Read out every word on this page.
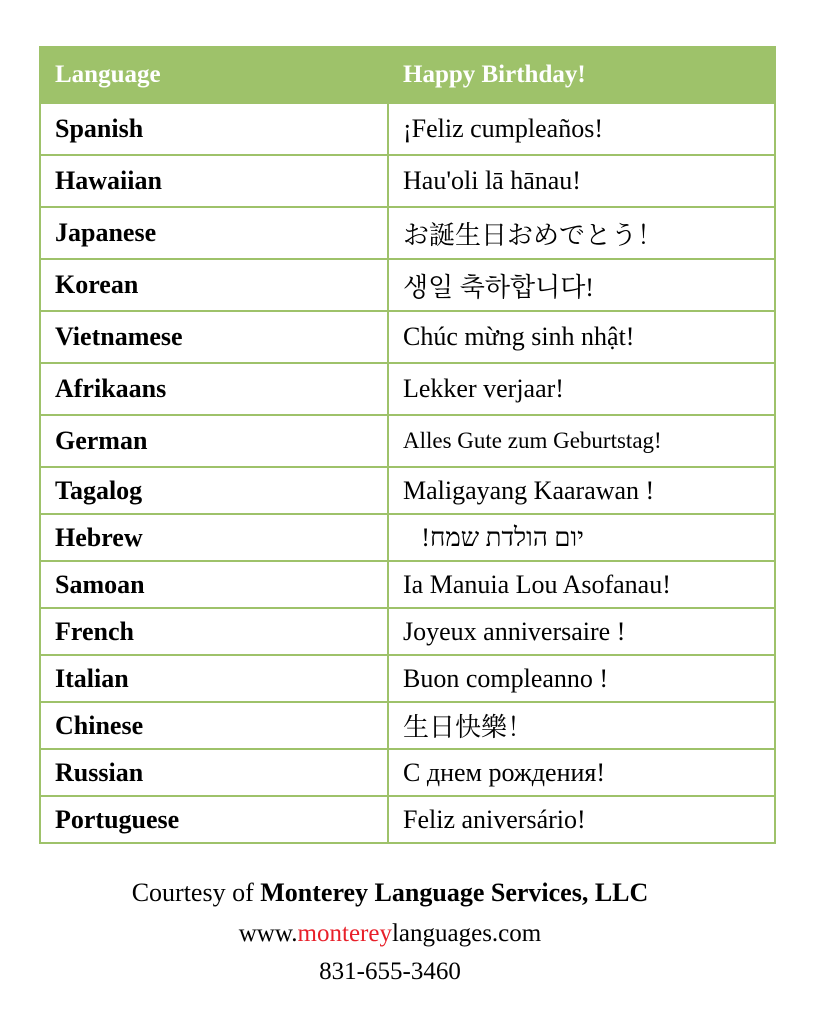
Language	Happy Birthday!
Spanish	¡Feliz cumpleaños!
Hawaiian	Hau'oli lā hānau!
Japanese	お誕生日おめでとう！
Korean	생일 축하합니다!
Vietnamese	Chúc mừng sinh nhật!
Afrikaans	Lekker verjaar!
German	Alles Gute zum Geburtstag!
Tagalog	Maligayang Kaarawan !
Hebrew	יום הולדת שמח!
Samoan	Ia Manuia Lou Asofanau!
French	Joyeux anniversaire !
Italian	Buon compleanno !
Chinese	生日快樂！
Russian	С днем рождения!
Portuguese	Feliz aniversário!
Courtesy of Monterey Language Services, LLC
www.montereylanguages.com
831-655-3460
